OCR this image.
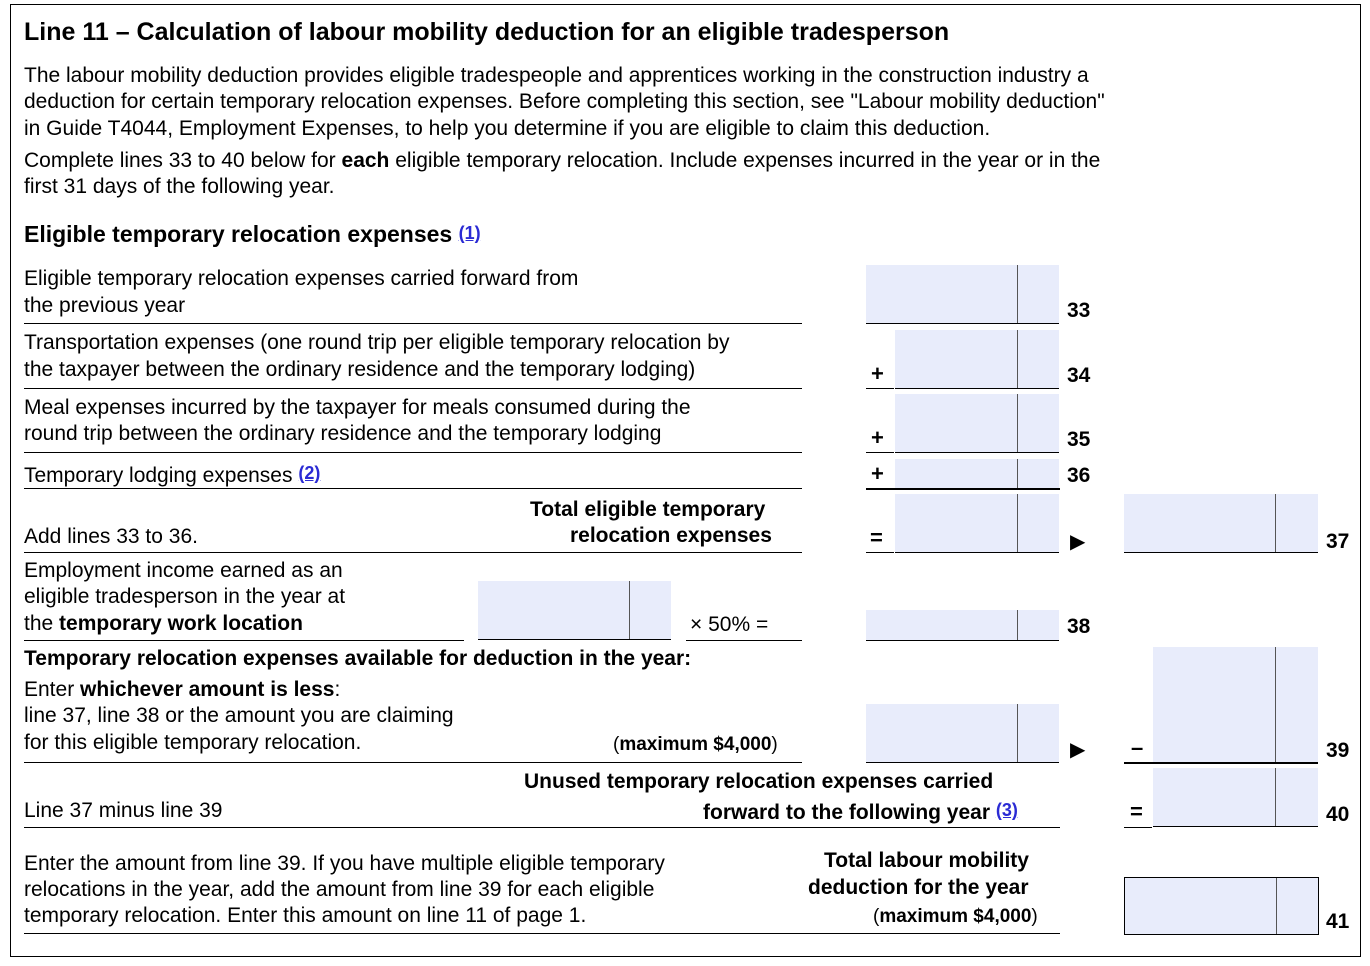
Line 11 – Calculation of labour mobility deduction for an eligible tradesperson
The labour mobility deduction provides eligible tradespeople and apprentices working in the construction industry a
deduction for certain temporary relocation expenses. Before completing this section, see "Labour mobility deduction"
in Guide T4044, Employment Expenses, to help you determine if you are eligible to claim this deduction.
Complete lines 33 to 40 below for each eligible temporary relocation. Include expenses incurred in the year or in the
first 31 days of the following year.
Eligible temporary relocation expenses (1)
Eligible temporary relocation expenses carried forward from
the previous year	33
Transportation expenses (one round trip per eligible temporary relocation by
the taxpayer between the ordinary residence and the temporary lodging)	+	34
Meal expenses incurred by the taxpayer for meals consumed during the
round trip between the ordinary residence and the temporary lodging	+	35
Temporary lodging expenses (2)	+	36
Total eligible temporary
relocation expenses
Add lines 33 to 36.	=	▶	37
Employment income earned as an
eligible tradesperson in the year at
the temporary work location	× 50% =	38
Temporary relocation expenses available for deduction in the year:
Enter whichever amount is less:
line 37, line 38 or the amount you are claiming
for this eligible temporary relocation.	(maximum $4,000)	▶ –	39
Unused temporary relocation expenses carried
forward to the following year (3)
Line 37 minus line 39	=	40
Enter the amount from line 39. If you have multiple eligible temporary
relocations in the year, add the amount from line 39 for each eligible
temporary relocation. Enter this amount on line 11 of page 1.
Total labour mobility
deduction for the year
(maximum $4,000)	41
